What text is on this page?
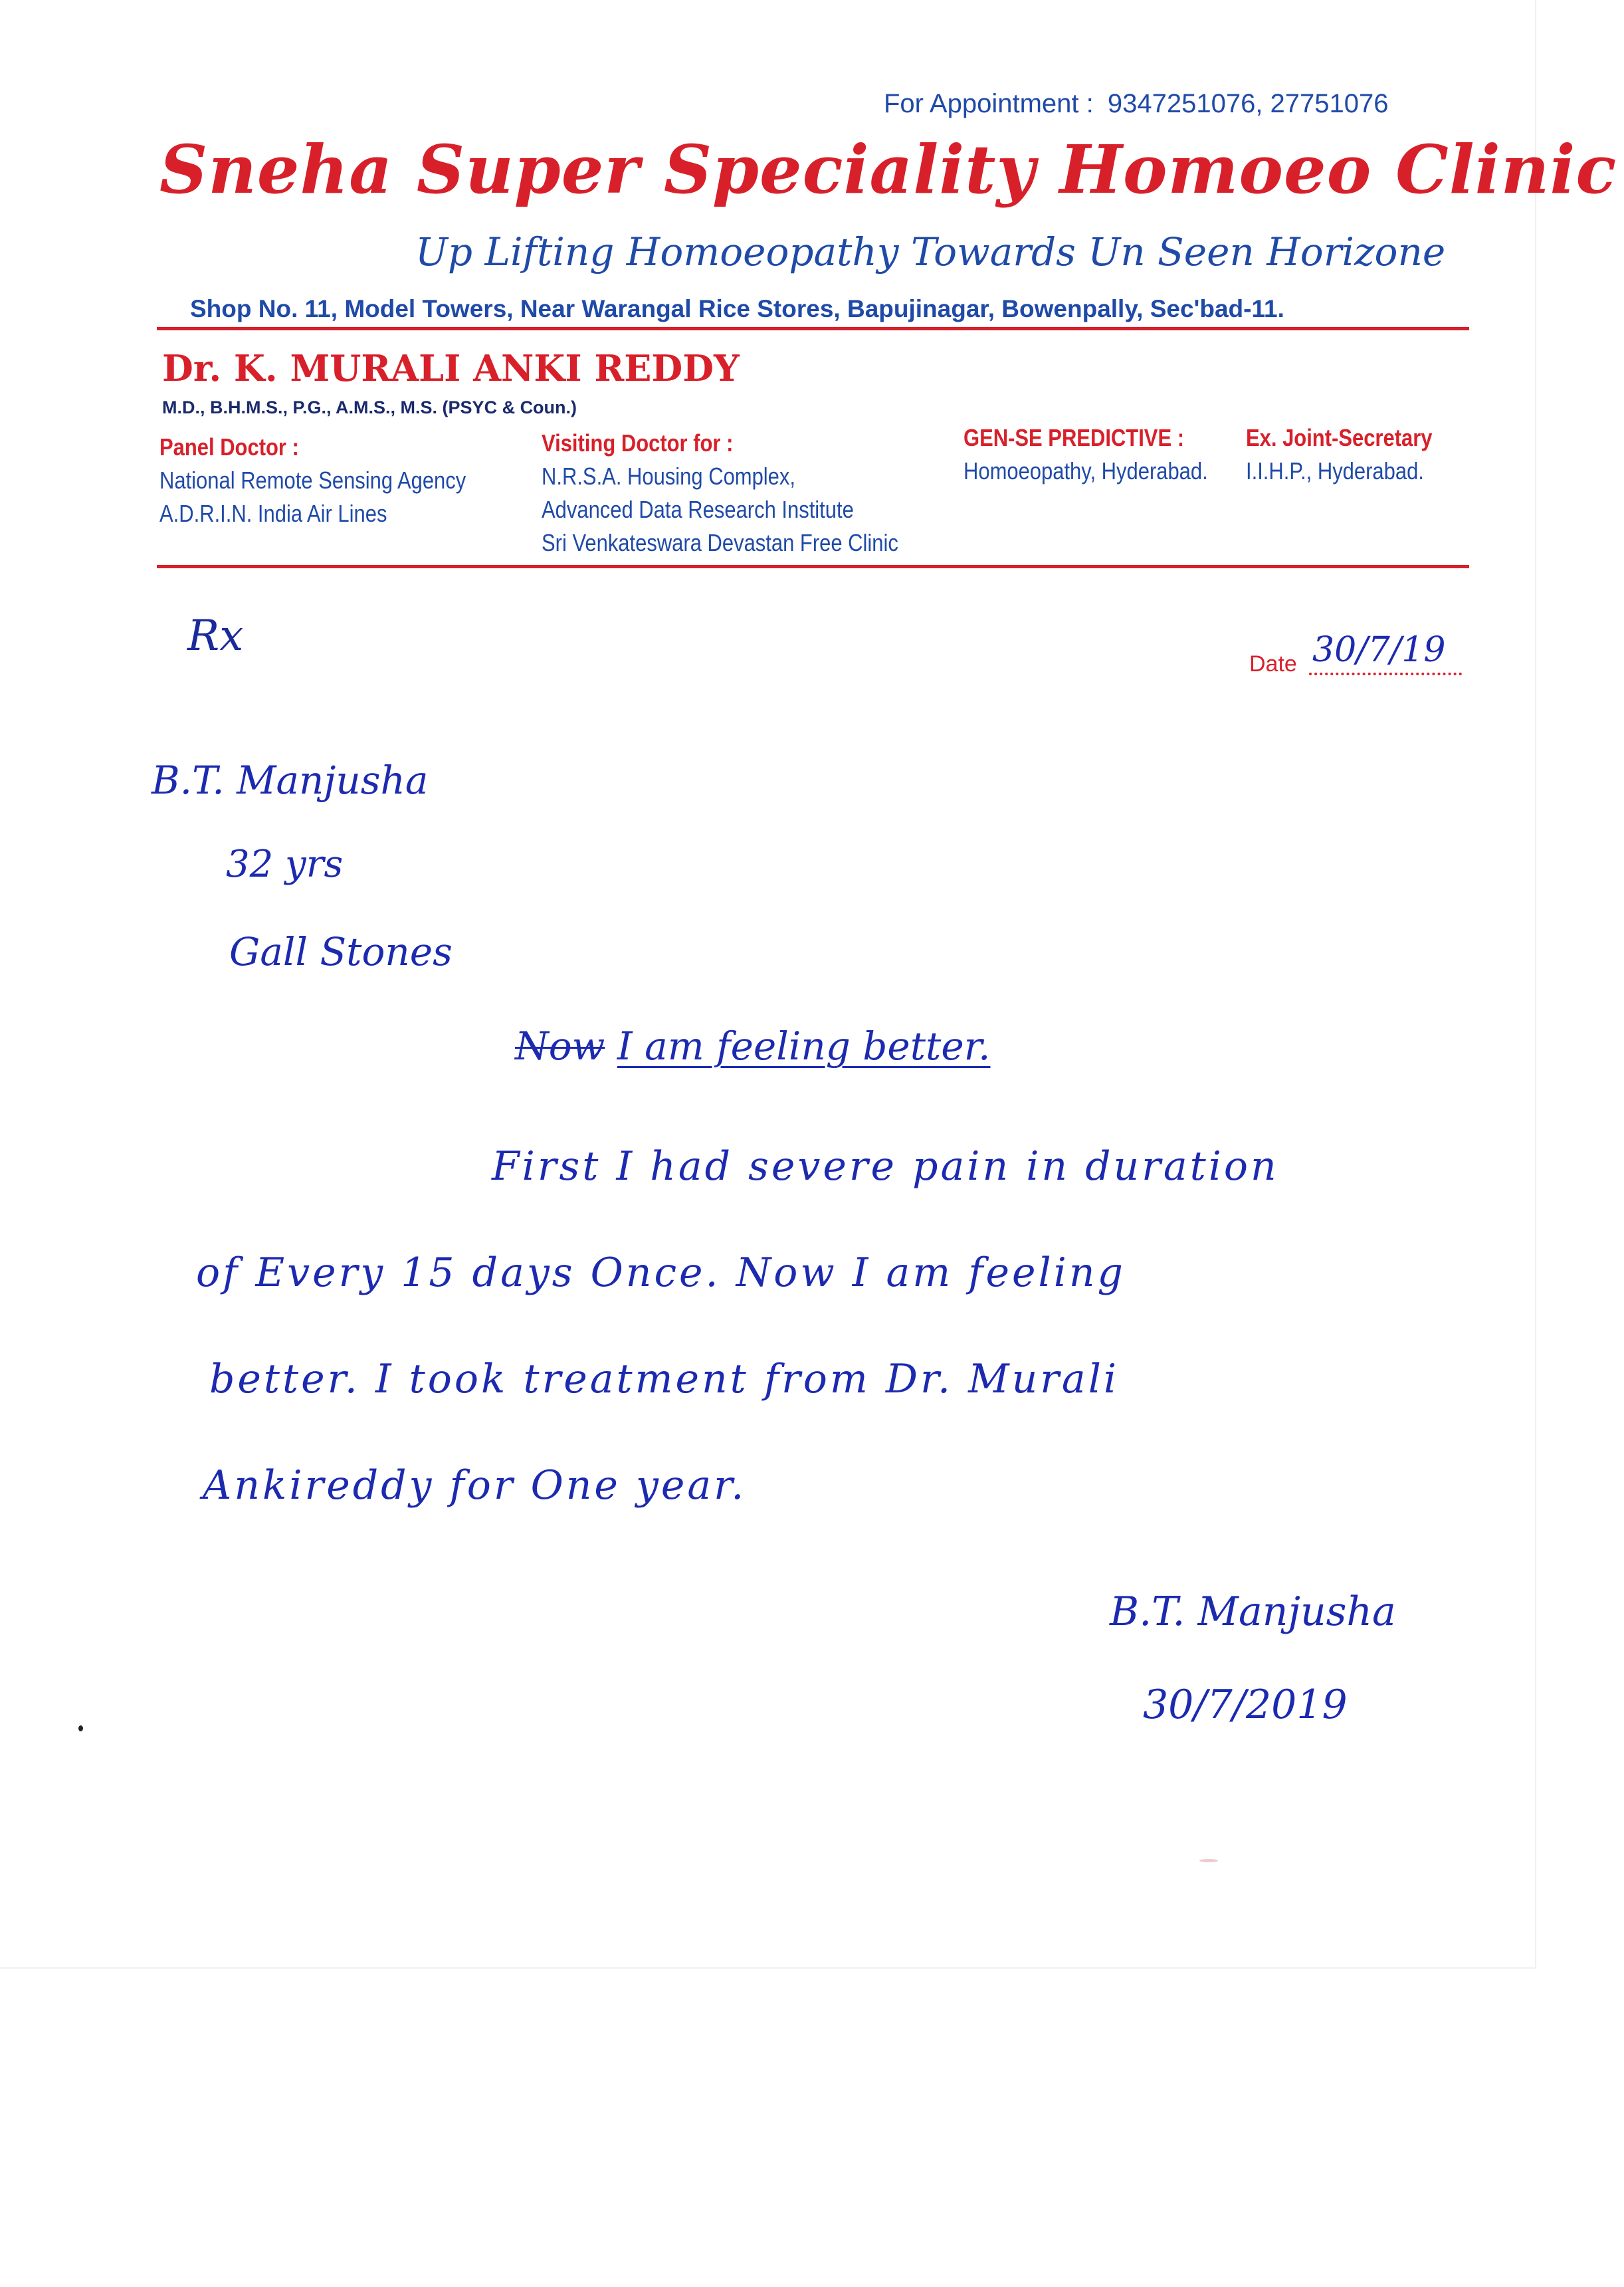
For Appointment : 9347251076, 27751076
Sneha Super Speciality Homoeo Clinic
Up Lifting Homoeopathy Towards Un Seen Horizone
Shop No. 11, Model Towers, Near Warangal Rice Stores, Bapujinagar, Bowenpally, Sec'bad-11.
Dr. K. MURALI ANKI REDDY
M.D., B.H.M.S., P.G., A.M.S., M.S. (PSYC & Coun.)
Panel Doctor :
National Remote Sensing Agency
A.D.R.I.N. India Air Lines
Visiting Doctor for :
N.R.S.A. Housing Complex,
Advanced Data Research Institute
Sri Venkateswara Devastan Free Clinic
GEN-SE PREDICTIVE :
Homoeopathy, Hyderabad.
Ex. Joint-Secretary
I.I.H.P., Hyderabad.
Rx
Date 30/7/19
B.T. Manjusha
32 yrs
Gall Stones
Now I am feeling better.
First I had severe pain in duration
of Every 15 days Once. Now I am feeling
better. I took treatment from Dr. Murali
Ankireddy for One year.
B.T. Manjusha
30/7/2019
